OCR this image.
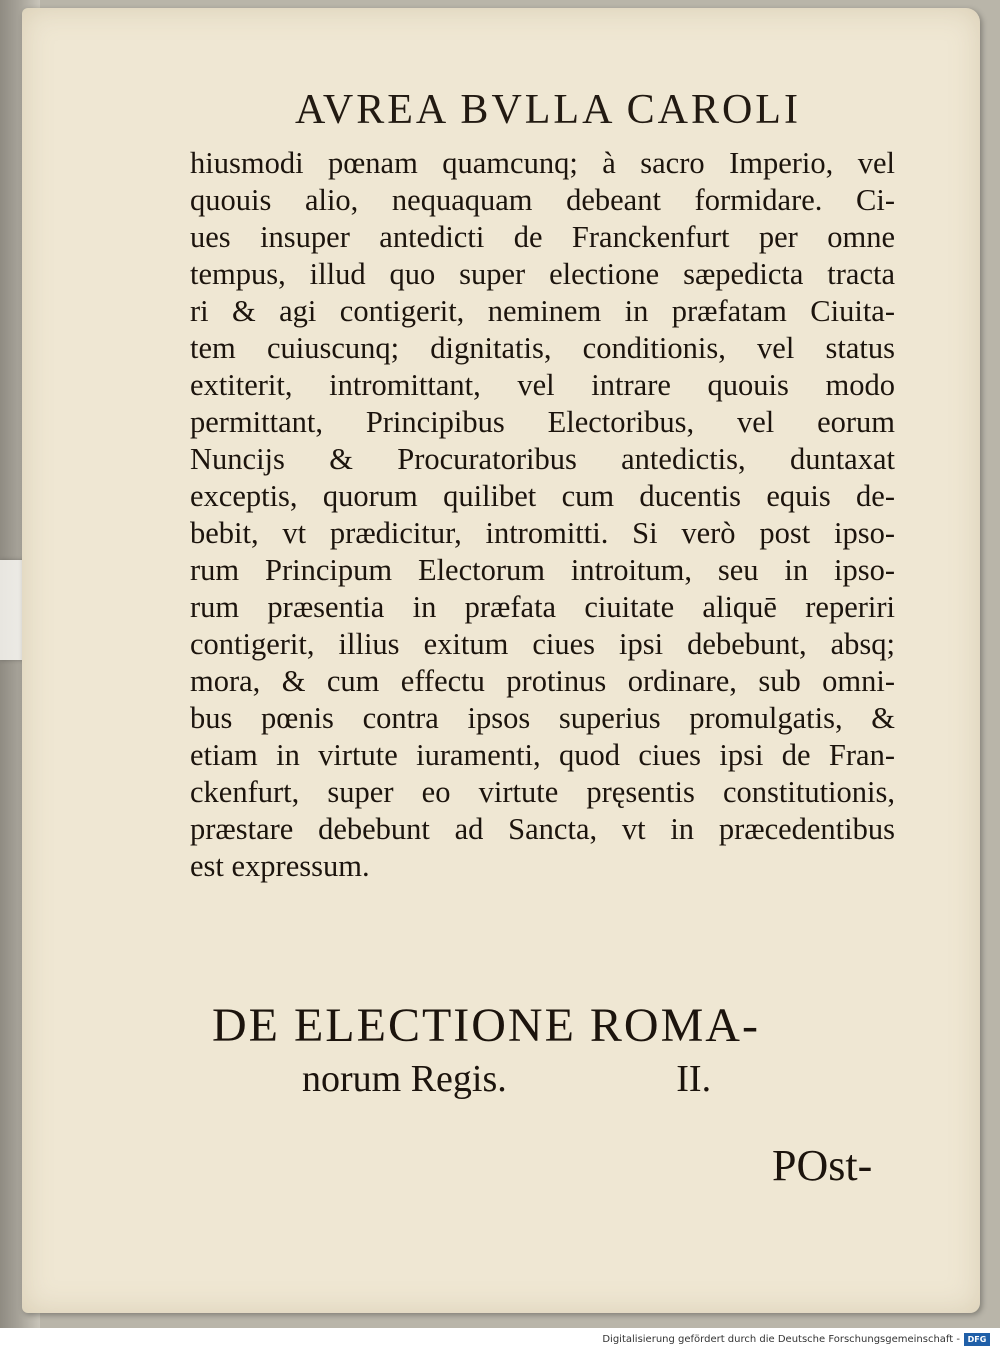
AVREA BVLLA CAROLI
hiusmodi pœnam quamcunq; à sacro Imperio, vel
quouis alio, nequaquam debeant formidare. Ci-
ues insuper antedicti de Franckenfurt per omne
tempus, illud quo super electione sæpedicta tracta
ri & agi contigerit, neminem in præfatam Ciuita-
tem cuiuscunq; dignitatis, conditionis, vel status
extiterit, intromittant, vel intrare quouis modo
permittant, Principibus Electoribus, vel eorum
Nuncijs & Procuratoribus antedictis, duntaxat
exceptis, quorum quilibet cum ducentis equis de-
bebit, vt prædicitur, intromitti. Si verò post ipso-
rum Principum Electorum introitum, seu in ipso-
rum præsentia in præfata ciuitate aliquē reperiri
contigerit, illius exitum ciues ipsi debebunt, absq;
mora, & cum effectu protinus ordinare, sub omni-
bus pœnis contra ipsos superius promulgatis, &
etiam in virtute iuramenti, quod ciues ipsi de Fran-
ckenfurt, super eo virtute pręsentis constitutionis,
præstare debebunt ad Sancta, vt in præcedentibus
est expressum.
DE ELECTIONE ROMA-
norum Regis.	II.
POst-
Digitalisierung gefördert durch die Deutsche Forschungsgemeinschaft - DFG
